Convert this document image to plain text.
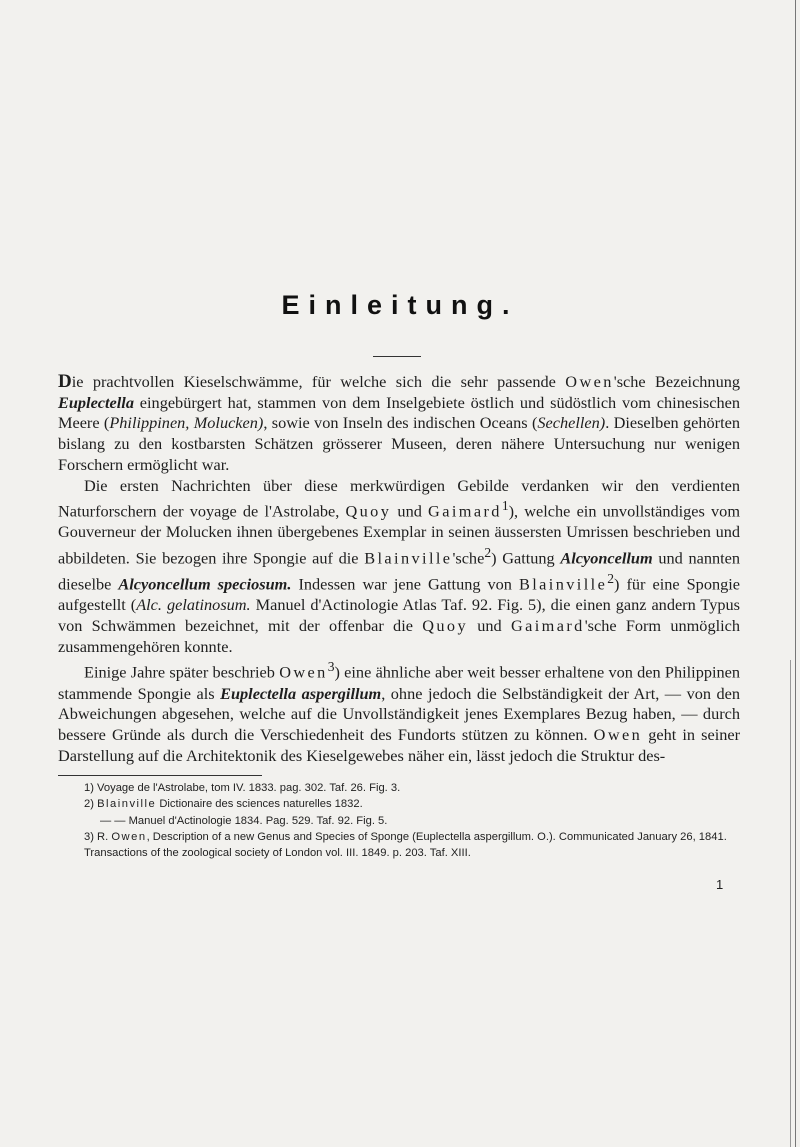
Einleitung.

Die prachtvollen Kieselschwämme, für welche sich die sehr passende Owen'sche Bezeichnung Euplectella eingebürgert hat, stammen von dem Inselgebiete östlich und südöstlich vom chinesischen Meere (Philippinen, Molucken), sowie von Inseln des indischen Oceans (Sechellen). Dieselben gehörten bislang zu den kostbarsten Schätzen grösserer Museen, deren nähere Untersuchung nur wenigen Forschern ermöglicht war.

Die ersten Nachrichten über diese merkwürdigen Gebilde verdanken wir den verdienten Naturforschern der voyage de l'Astrolabe, Quoy und Gaimard$^1$), welche ein unvollständiges vom Gouverneur der Molucken ihnen übergebenes Exemplar in seinen äussersten Umrissen beschrieben und abbildeten. Sie bezogen ihre Spongie auf die Blainville'sche$^2$) Gattung Alcyoncellum und nannten dieselbe Alcyoncellum speciosum. Indessen war jene Gattung von Blainville$^2$) für eine Spongie aufgestellt (Alc. gelatinosum. Manuel d'Actinologie Atlas Taf. 92. Fig. 5), die einen ganz andern Typus von Schwämmen bezeichnet, mit der offenbar die Quoy und Gaimard'sche Form unmöglich zusammengehören konnte.

Einige Jahre später beschrieb Owen$^3$) eine ähnliche aber weit besser erhaltene von den Philippinen stammende Spongie als Euplectella aspergillum, ohne jedoch die Selbständigkeit der Art, — von den Abweichungen abgesehen, welche auf die Unvollständigkeit jenes Exemplares Bezug haben, — durch bessere Gründe als durch die Verschiedenheit des Fundorts stützen zu können. Owen geht in seiner Darstellung auf die Architektonik des Kieselgewebes näher ein, lässt jedoch die Struktur des-

1) Voyage de l'Astrolabe, tom IV. 1833. pag. 302. Taf. 26. Fig. 3.
2) Blainville Dictionaire des sciences naturelles 1832.
— — Manuel d'Actinologie 1834. Pag. 529. Taf. 92. Fig. 5.
3) R. Owen, Description of a new Genus and Species of Sponge (Euplectella aspergillum. O.). Communicated January 26, 1841. Transactions of the zoological society of London vol. III. 1849. p. 203. Taf. XIII.
1
